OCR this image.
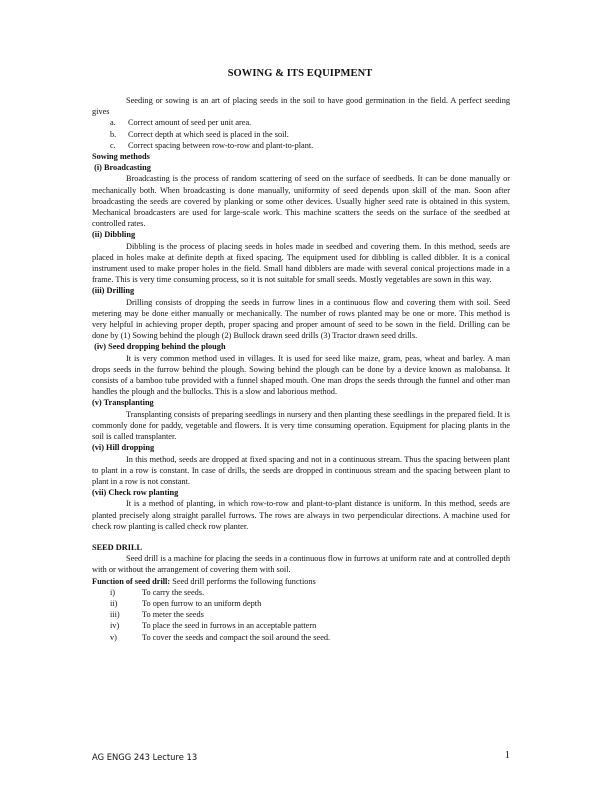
SOWING & ITS EQUIPMENT

Seeding or sowing is an art of placing seeds in the soil to have good germination in the field. A perfect seeding gives

a. Correct amount of seed per unit area.
b. Correct depth at which seed is placed in the soil.
c. Correct spacing between row-to-row and plant-to-plant.
Sowing methods
(i) Broadcasting

Broadcasting is the process of random scattering of seed on the surface of seedbeds. It can be done manually or mechanically both. When broadcasting is done manually, uniformity of seed depends upon skill of the man. Soon after broadcasting the seeds are covered by planking or some other devices. Usually higher seed rate is obtained in this system. Mechanical broadcasters are used for large-scale work. This machine scatters the seeds on the surface of the seedbed at controlled rates.

(ii) Dibbling

Dibbling is the process of placing seeds in holes made in seedbed and covering them. In this method, seeds are placed in holes make at definite depth at fixed spacing. The equipment used for dibbling is called dibbler. It is a conical instrument used to make proper holes in the field. Small hand dibblers are made with several conical projections made in a frame. This is very time consuming process, so it is not suitable for small seeds. Mostly vegetables are sown in this way.

(iii) Drilling

Drilling consists of dropping the seeds in furrow lines in a continuous flow and covering them with soil. Seed metering may be done either manually or mechanically. The number of rows planted may be one or more. This method is very helpful in achieving proper depth, proper spacing and proper amount of seed to be sown in the field. Drilling can be done by (1) Sowing behind the plough (2) Bullock drawn seed drills (3) Tractor drawn seed drills.

(iv) Seed dropping behind the plough

It is very common method used in villages. It is used for seed like maize, gram, peas, wheat and barley. A man drops seeds in the furrow behind the plough. Sowing behind the plough can be done by a device known as malobansa. It consists of a bamboo tube provided with a funnel shaped mouth. One man drops the seeds through the funnel and other man handles the plough and the bullocks. This is a slow and laborious method.

(v) Transplanting

Transplanting consists of preparing seedlings in nursery and then planting these seedlings in the prepared field. It is commonly done for paddy, vegetable and flowers. It is very time consuming operation. Equipment for placing plants in the soil is called transplanter.

(vi) Hill dropping

In this method, seeds are dropped at fixed spacing and not in a continuous stream. Thus the spacing between plant to plant in a row is constant. In case of drills, the seeds are dropped in continuous stream and the spacing between plant to plant in a row is not constant.

(vii) Check row planting

It is a method of planting, in which row-to-row and plant-to-plant distance is uniform. In this method, seeds are planted precisely along straight parallel furrows. The rows are always in two perpendicular directions. A machine used for check row planting is called check row planter.

SEED DRILL

Seed drill is a machine for placing the seeds in a continuous flow in furrows at uniform rate and at controlled depth with or without the arrangement of covering them with soil.

Function of seed drill: Seed drill performs the following functions

i)	To carry the seeds.
ii)	To open furrow to an uniform depth
iii)	To meter the seeds
iv)	To place the seed in furrows in an acceptable pattern
v)	To cover the seeds and compact the soil around the seed.
AG ENGG 243 Lecture 13	1
